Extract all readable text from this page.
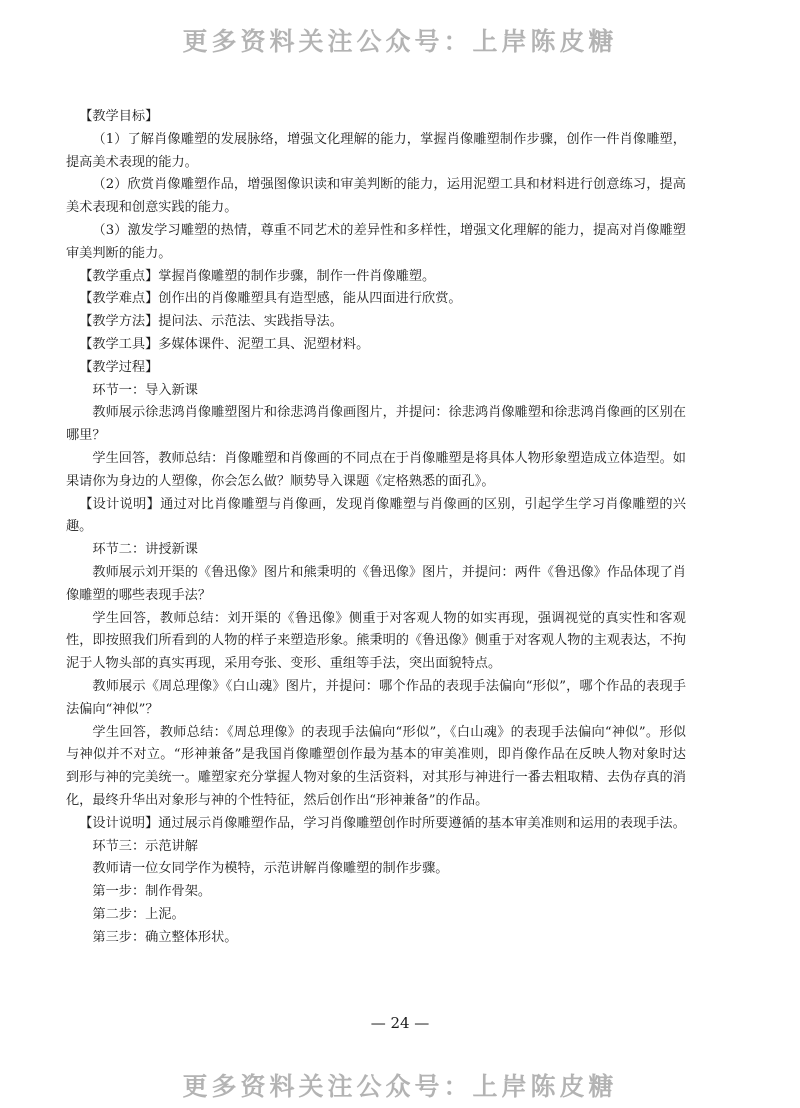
更多资料关注公众号：上岸陈皮糖

【教学目标】

（1）了解肖像雕塑的发展脉络，增强文化理解的能力，掌握肖像雕塑制作步骤，创作一件肖像雕塑，提高美术表现的能力。

（2）欣赏肖像雕塑作品，增强图像识读和审美判断的能力，运用泥塑工具和材料进行创意练习，提高美术表现和创意实践的能力。

（3）激发学习雕塑的热情，尊重不同艺术的差异性和多样性，增强文化理解的能力，提高对肖像雕塑审美判断的能力。

【教学重点】掌握肖像雕塑的制作步骤，制作一件肖像雕塑。

【教学难点】创作出的肖像雕塑具有造型感，能从四面进行欣赏。

【教学方法】提问法、示范法、实践指导法。

【教学工具】多媒体课件、泥塑工具、泥塑材料。

【教学过程】

环节一：导入新课

教师展示徐悲鸿肖像雕塑图片和徐悲鸿肖像画图片，并提问：徐悲鸿肖像雕塑和徐悲鸿肖像画的区别在哪里？

学生回答，教师总结：肖像雕塑和肖像画的不同点在于肖像雕塑是将具体人物形象塑造成立体造型。如果请你为身边的人塑像，你会怎么做？顺势导入课题《定格熟悉的面孔》。

【设计说明】通过对比肖像雕塑与肖像画，发现肖像雕塑与肖像画的区别，引起学生学习肖像雕塑的兴趣。

环节二：讲授新课

教师展示刘开渠的《鲁迅像》图片和熊秉明的《鲁迅像》图片，并提问：两件《鲁迅像》作品体现了肖像雕塑的哪些表现手法？

学生回答，教师总结：刘开渠的《鲁迅像》侧重于对客观人物的如实再现，强调视觉的真实性和客观性，即按照我们所看到的人物的样子来塑造形象。熊秉明的《鲁迅像》侧重于对客观人物的主观表达，不拘泥于人物头部的真实再现，采用夸张、变形、重组等手法，突出面貌特点。

教师展示《周总理像》《白山魂》图片，并提问：哪个作品的表现手法偏向“形似”，哪个作品的表现手法偏向“神似”？

学生回答，教师总结：《周总理像》的表现手法偏向“形似”，《白山魂》的表现手法偏向“神似”。形似与神似并不对立。“形神兼备”是我国肖像雕塑创作最为基本的审美准则，即肖像作品在反映人物对象时达到形与神的完美统一。雕塑家充分掌握人物对象的生活资料，对其形与神进行一番去粗取精、去伪存真的消化，最终升华出对象形与神的个性特征，然后创作出“形神兼备”的作品。

【设计说明】通过展示肖像雕塑作品，学习肖像雕塑创作时所要遵循的基本审美准则和运用的表现手法。

环节三：示范讲解

教师请一位女同学作为模特，示范讲解肖像雕塑的制作步骤。

第一步：制作骨架。

第二步：上泥。

第三步：确立整体形状。

— 24 —
更多资料关注公众号：上岸陈皮糖
